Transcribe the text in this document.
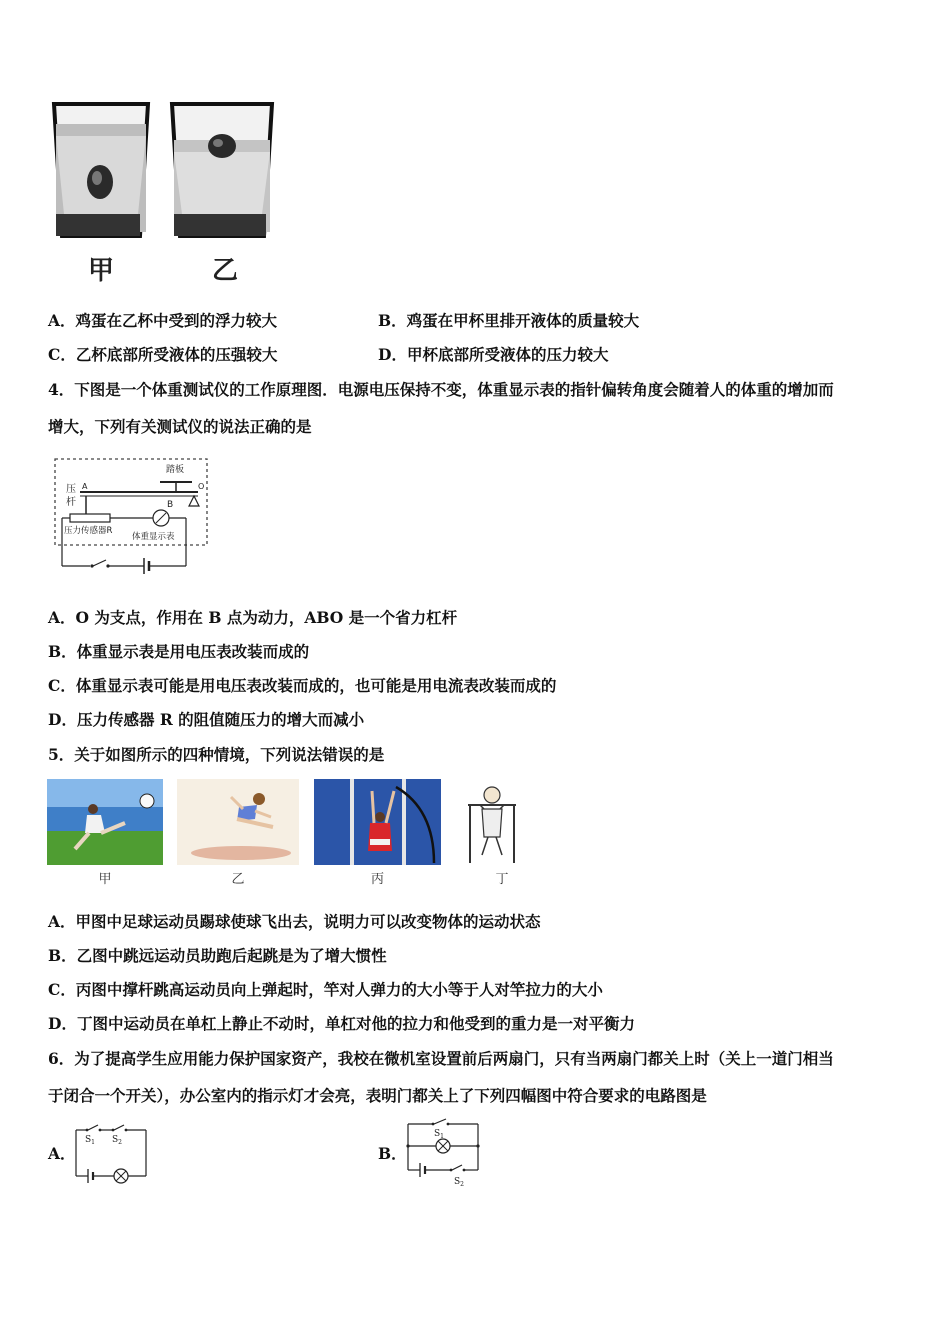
甲	乙
A．鸡蛋在乙杯中受到的浮力较大	B．鸡蛋在甲杯里排开液体的质量较大
C．乙杯底部所受液体的压强较大	D．甲杯底部所受液体的压力较大
4．下图是一个体重测试仪的工作原理图．电源电压保持不变，体重显示表的指针偏转角度会随着人的体重的增加而
增大，下列有关测试仪的说法正确的是
踏板
压
杆
A
B
O
压力传感器R
体重显示表
A．O 为支点，作用在 B 点为动力，ABO 是一个省力杠杆
B．体重显示表是用电压表改装而成的
C．体重显示表可能是用电压表改装而成的，也可能是用电流表改装而成的
D．压力传感器 R 的阻值随压力的增大而减小
5．关于如图所示的四种情境，下列说法错误的是
甲	乙	丙	丁
A．甲图中足球运动员踢球使球飞出去，说明力可以改变物体的运动状态
B．乙图中跳远运动员助跑后起跳是为了增大惯性
C．丙图中撑杆跳高运动员向上弹起时，竿对人弹力的大小等于人对竿拉力的大小
D．丁图中运动员在单杠上静止不动时，单杠对他的拉力和他受到的重力是一对平衡力
6．为了提高学生应用能力保护国家资产，我校在微机室设置前后两扇门，只有当两扇门都关上时（关上一道门相当
于闭合一个开关），办公室内的指示灯才会亮，表明门都关上了下列四幅图中符合要求的电路图是
A．
$S_1$ $S_2$
B．
$S_1$
$S_2$
